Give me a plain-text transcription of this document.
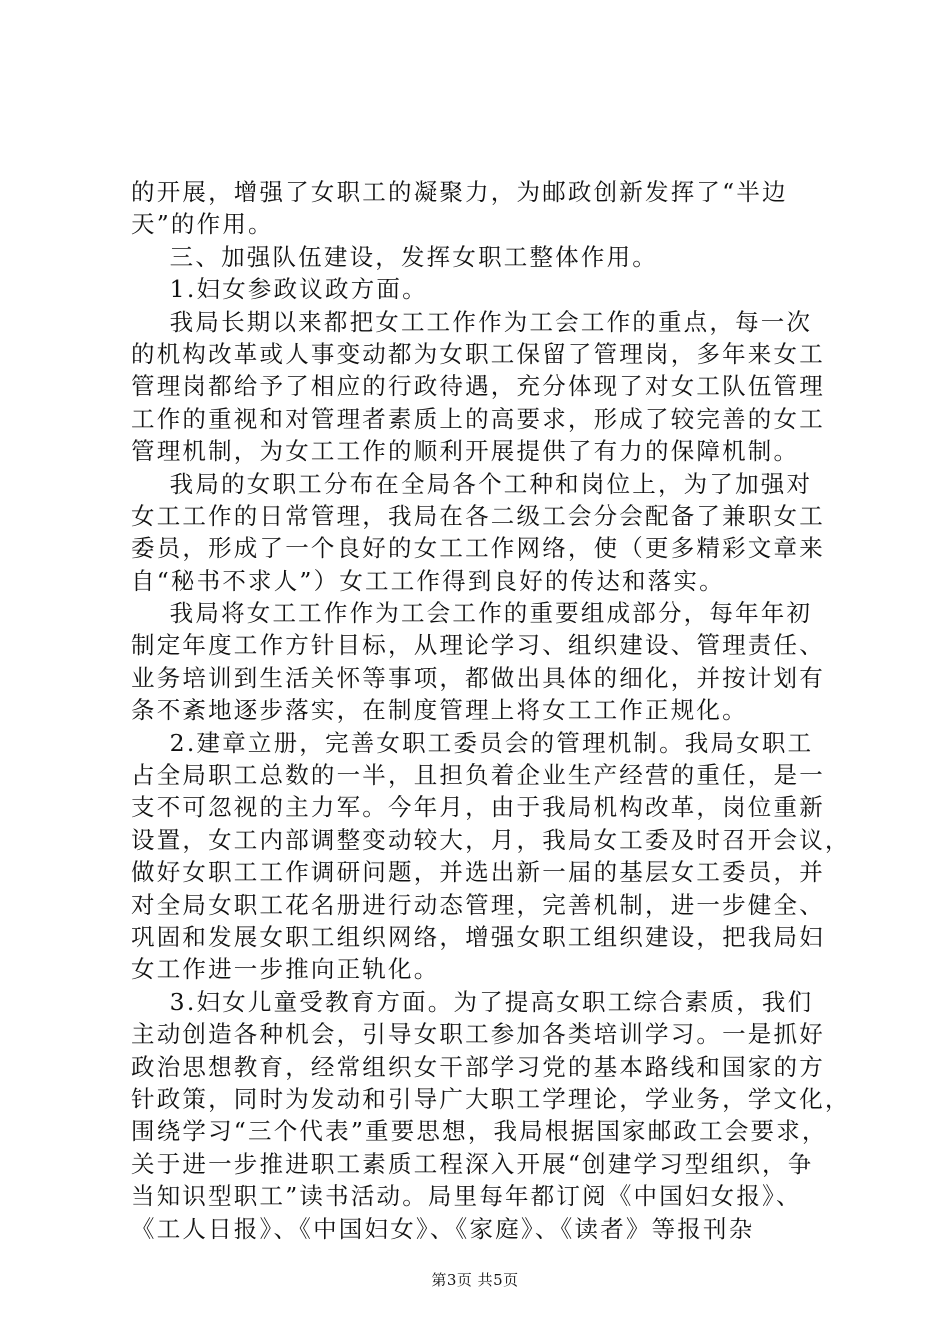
的开展，增强了女职工的凝聚力，为邮政创新发挥了“半边
天”的作用。
三、加强队伍建设，发挥女职工整体作用。
1.妇女参政议政方面。
我局长期以来都把女工工作作为工会工作的重点，每一次
的机构改革或人事变动都为女职工保留了管理岗，多年来女工
管理岗都给予了相应的行政待遇，充分体现了对女工队伍管理
工作的重视和对管理者素质上的高要求，形成了较完善的女工
管理机制，为女工工作的顺利开展提供了有力的保障机制。
我局的女职工分布在全局各个工种和岗位上，为了加强对
女工工作的日常管理，我局在各二级工会分会配备了兼职女工
委员，形成了一个良好的女工工作网络，使（更多精彩文章来
自“秘书不求人”）女工工作得到良好的传达和落实。
我局将女工工作作为工会工作的重要组成部分，每年年初
制定年度工作方针目标，从理论学习、组织建设、管理责任、
业务培训到生活关怀等事项，都做出具体的细化，并按计划有
条不紊地逐步落实，在制度管理上将女工工作正规化。
2.建章立册，完善女职工委员会的管理机制。我局女职工
占全局职工总数的一半，且担负着企业生产经营的重任，是一
支不可忽视的主力军。今年月，由于我局机构改革，岗位重新
设置，女工内部调整变动较大，月，我局女工委及时召开会议，
做好女职工工作调研问题，并选出新一届的基层女工委员，并
对全局女职工花名册进行动态管理，完善机制，进一步健全、
巩固和发展女职工组织网络，增强女职工组织建设，把我局妇
女工作进一步推向正轨化。
3.妇女儿童受教育方面。为了提高女职工综合素质，我们
主动创造各种机会，引导女职工参加各类培训学习。一是抓好
政治思想教育，经常组织女干部学习党的基本路线和国家的方
针政策，同时为发动和引导广大职工学理论，学业务，学文化，
围绕学习“三个代表”重要思想，我局根据国家邮政工会要求，
关于进一步推进职工素质工程深入开展“创建学习型组织，争
当知识型职工”读书活动。局里每年都订阅《中国妇女报》、
《工人日报》、《中国妇女》、《家庭》、《读者》等报刊杂
第3页 共5页
